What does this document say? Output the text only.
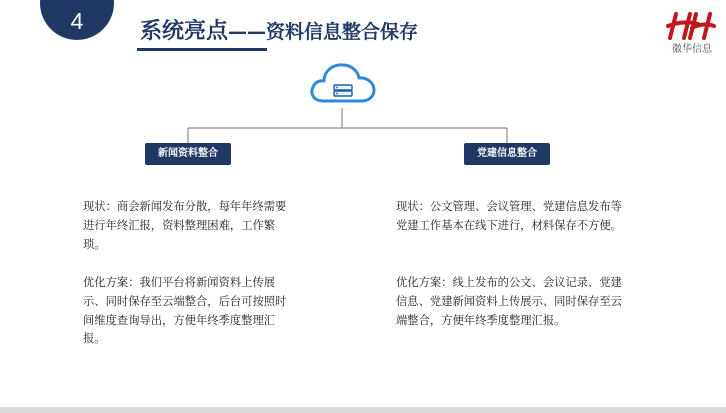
4	系统亮点——资料信息整合保存
徽华信息
新闻资料整合	党建信息整合
现状：商会新闻发布分散，每年年终需要进行年终汇报，资料整理困难，工作繁琐。
优化方案：我们平台将新闻资料上传展示、同时保存至云端整合，后台可按照时间维度查询导出，方便年终季度整理汇报。
现状：公文管理、会议管理、党建信息发布等党建工作基本在线下进行，材料保存不方便。
优化方案：线上发布的公文、会议记录、党建信息、党建新闻资料上传展示、同时保存至云端整合，方便年终季度整理汇报。
